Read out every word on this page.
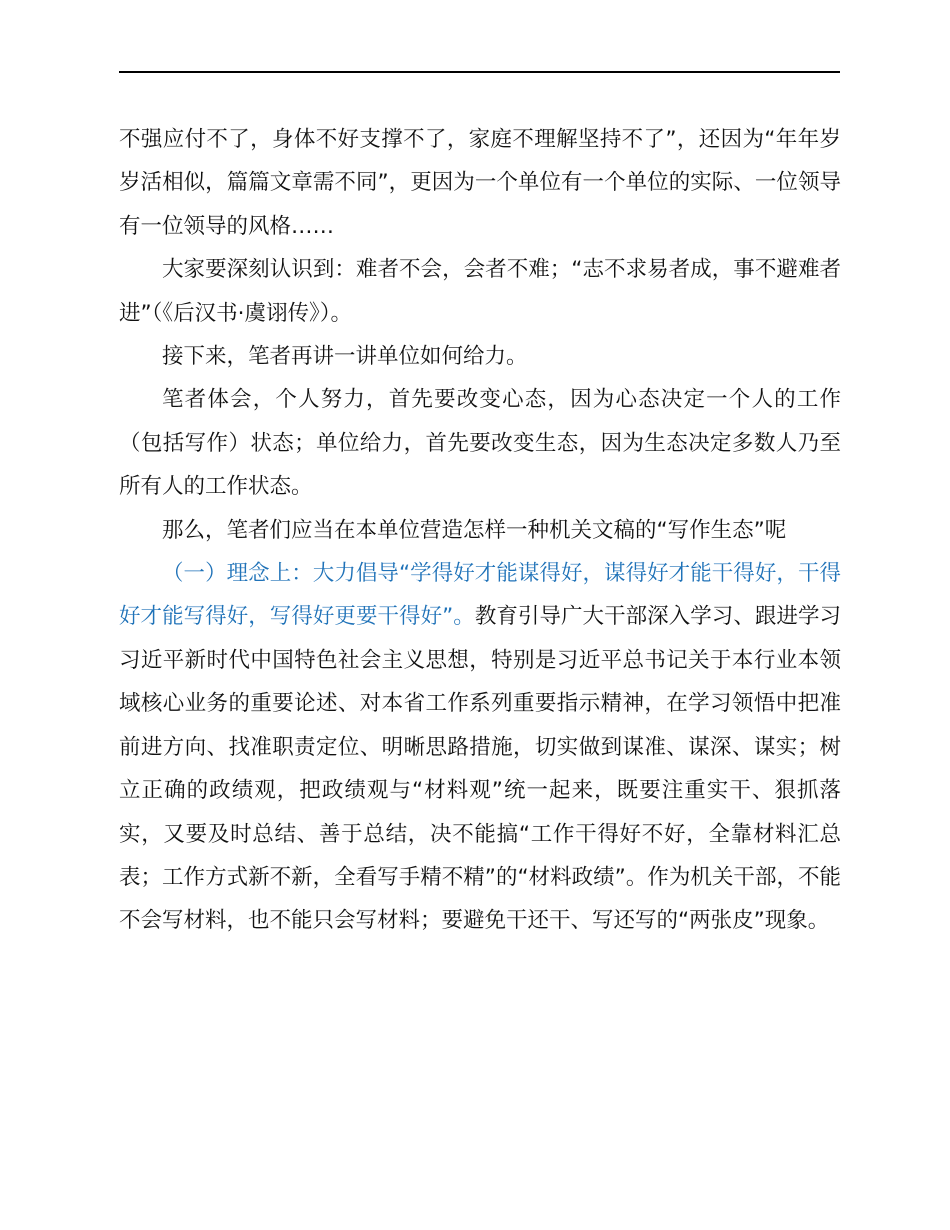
不强应付不了，身体不好支撑不了，家庭不理解坚持不了”，还因为“年年岁岁活相似，篇篇文章需不同”，更因为一个单位有一个单位的实际、一位领导有一位领导的风格……

大家要深刻认识到：难者不会，会者不难；“志不求易者成，事不避难者进”（《后汉书·虞诩传》）。

接下来，笔者再讲一讲单位如何给力。

笔者体会，个人努力，首先要改变心态，因为心态决定一个人的工作（包括写作）状态；单位给力，首先要改变生态，因为生态决定多数人乃至所有人的工作状态。

那么，笔者们应当在本单位营造怎样一种机关文稿的“写作生态”呢

（一）理念上：大力倡导“学得好才能谋得好，谋得好才能干得好，干得好才能写得好，写得好更要干得好”。教育引导广大干部深入学习、跟进学习习近平新时代中国特色社会主义思想，特别是习近平总书记关于本行业本领域核心业务的重要论述、对本省工作系列重要指示精神，在学习领悟中把准前进方向、找准职责定位、明晰思路措施，切实做到谋准、谋深、谋实；树立正确的政绩观，把政绩观与“材料观”统一起来，既要注重实干、狠抓落实，又要及时总结、善于总结，决不能搞“工作干得好不好，全靠材料汇总表；工作方式新不新，全看写手精不精”的“材料政绩”。作为机关干部，不能不会写材料，也不能只会写材料；要避免干还干、写还写的“两张皮”现象。
